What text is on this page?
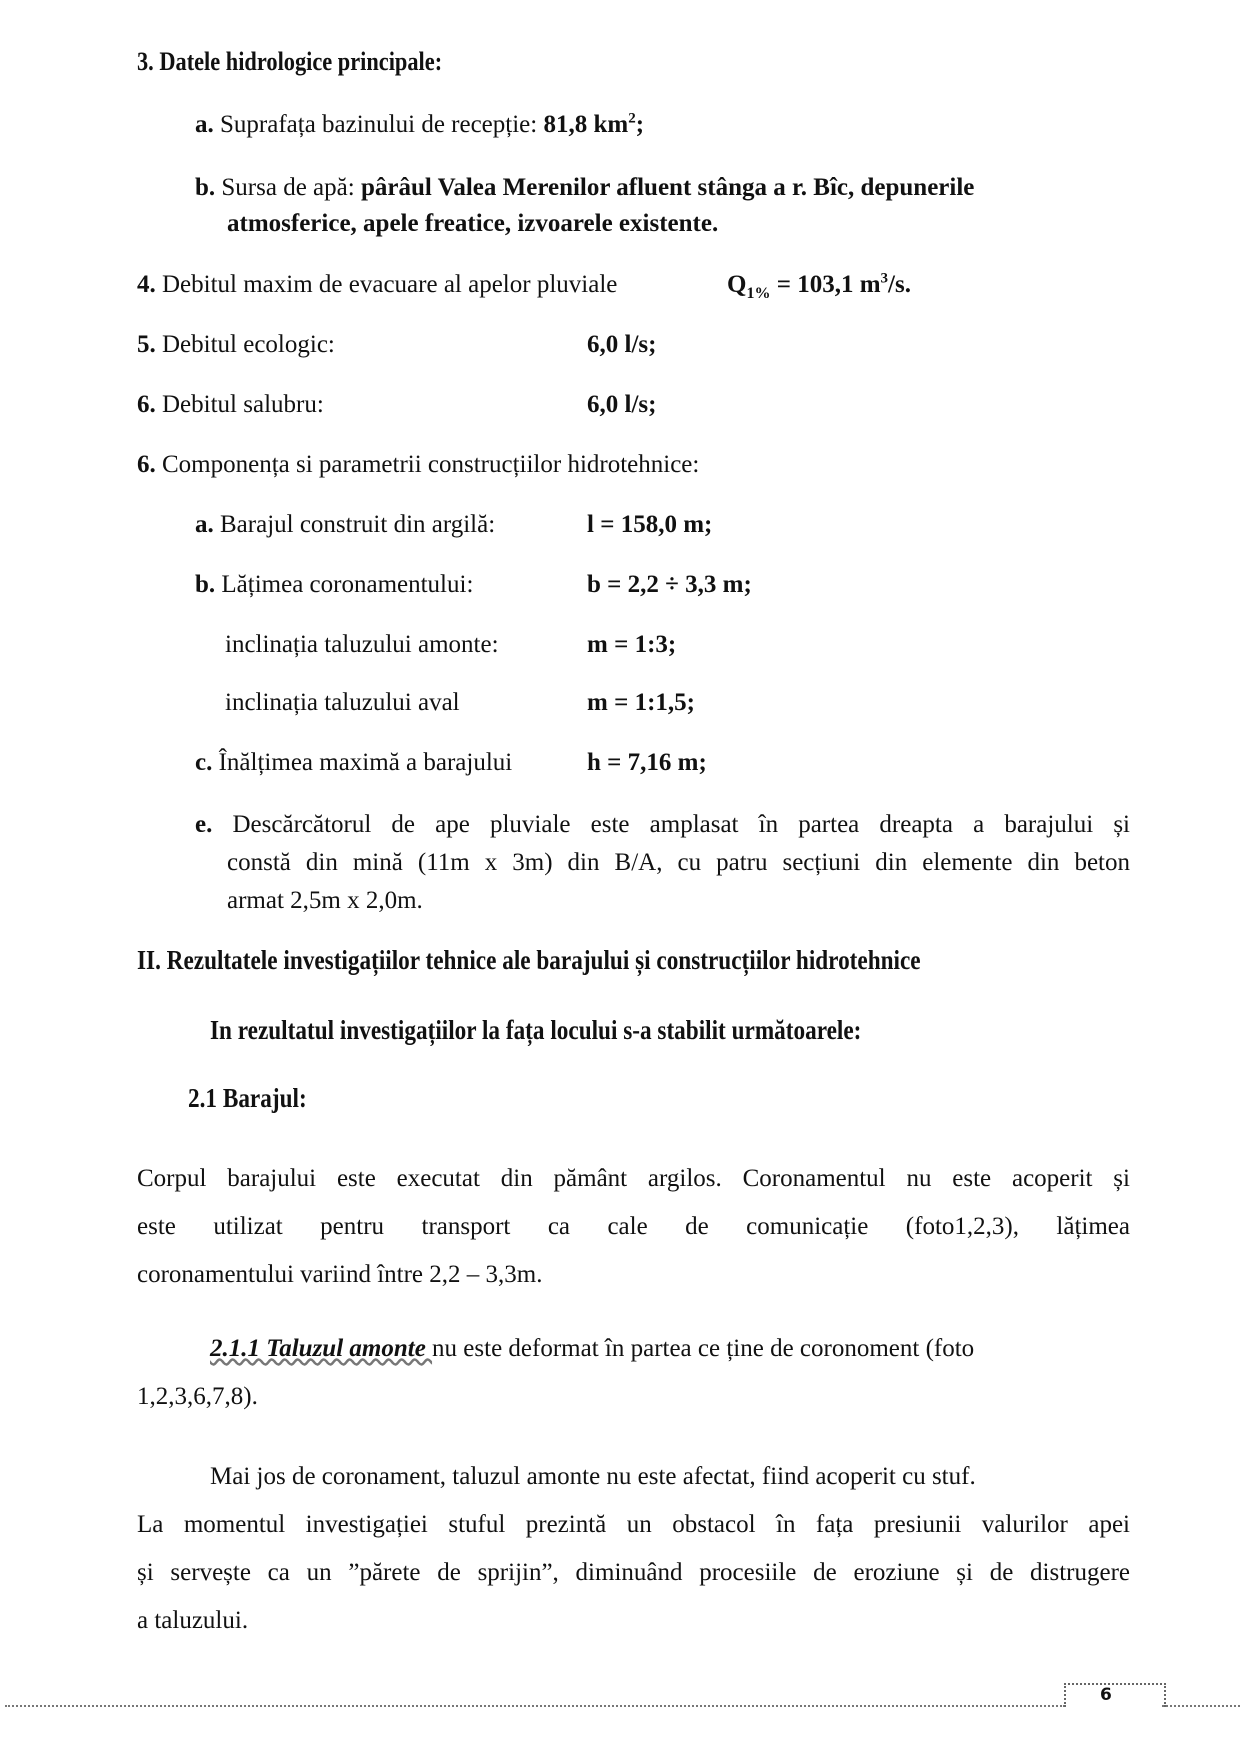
3. Datele hidrologice principale:
a. Suprafața bazinului de recepție: 81,8 $km^2$;
b. Sursa de apă: pârâul Valea Merenilor afluent stânga a r. Bîc, depunerile
atmosferice, apele freatice, izvoarele existente.
4. Debitul maxim de evacuare al apelor pluviale	$Q_{1\%} = 103,1$ $m^3/s$.
5. Debitul ecologic:	6,0 l/s;
6. Debitul salubru:	6,0 l/s;
6. Componența si parametrii construcțiilor hidrotehnice:
a. Barajul construit din argilă:	l = 158,0 m;
b. Lățimea coronamentului:	b = 2,2 ÷ 3,3 m;
inclinația taluzului amonte:	m = 1:3;
inclinația taluzului aval	m = 1:1,5;
c. Înălțimea maximă a barajului	h = 7,16 m;
e. Descărcătorul de ape pluviale este amplasat în partea dreapta a barajului și
constă din mină (11m x 3m) din B/A, cu patru secțiuni din elemente din beton
armat 2,5m x 2,0m.
II. Rezultatele investigațiilor tehnice ale barajului și construcțiilor hidrotehnice
In rezultatul investigațiilor la fața locului s-a stabilit următoarele:
2.1 Barajul:
Corpul barajului este executat din pământ argilos. Coronamentul nu este acoperit și
este utilizat pentru transport ca cale de comunicație (foto1,2,3), lățimea
coronamentului variind între 2,2 – 3,3m.
2.1.1 Taluzul amonte nu este deformat în partea ce ține de coronoment (foto
1,2,3,6,7,8).
Mai jos de coronament, taluzul amonte nu este afectat, fiind acoperit cu stuf.
La momentul investigației stuful prezintă un obstacol în fața presiunii valurilor apei
și servește ca un ”părete de sprijin”, diminuând procesiile de eroziune și de distrugere
a taluzului.
6
